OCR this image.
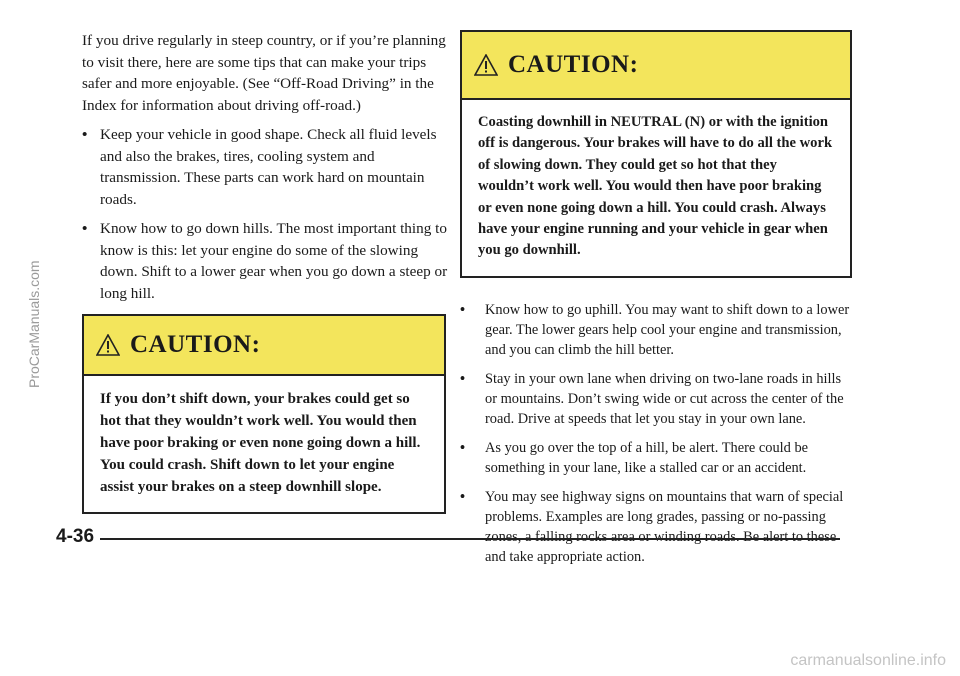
If you drive regularly in steep country, or if you’re planning to visit there, here are some tips that can make your trips safer and more enjoyable. (See “Off-Road Driving” in the Index for information about driving off-road.)

• Keep your vehicle in good shape. Check all fluid levels and also the brakes, tires, cooling system and transmission. These parts can work hard on mountain roads.
• Know how to go down hills. The most important thing to know is this: let your engine do some of the slowing down. Shift to a lower gear when you go down a steep or long hill.
CAUTION:
If you don’t shift down, your brakes could get so hot that they wouldn’t work well. You would then have poor braking or even none going down a hill. You could crash. Shift down to let your engine assist your brakes on a steep downhill slope.
CAUTION:
Coasting downhill in NEUTRAL (N) or with the ignition off is dangerous. Your brakes will have to do all the work of slowing down. They could get so hot that they wouldn’t work well. You would then have poor braking or even none going down a hill. You could crash. Always have your engine running and your vehicle in gear when you go downhill.
• Know how to go uphill. You may want to shift down to a lower gear. The lower gears help cool your engine and transmission, and you can climb the hill better.
• Stay in your own lane when driving on two-lane roads in hills or mountains. Don’t swing wide or cut across the center of the road. Drive at speeds that let you stay in your own lane.
• As you go over the top of a hill, be alert. There could be something in your lane, like a stalled car or an accident.
• You may see highway signs on mountains that warn of special problems. Examples are long grades, passing or no-passing zones, a falling rocks area or winding roads. Be alert to these and take appropriate action.
4-36
ProCarManuals.com
carmanualsonline.info
